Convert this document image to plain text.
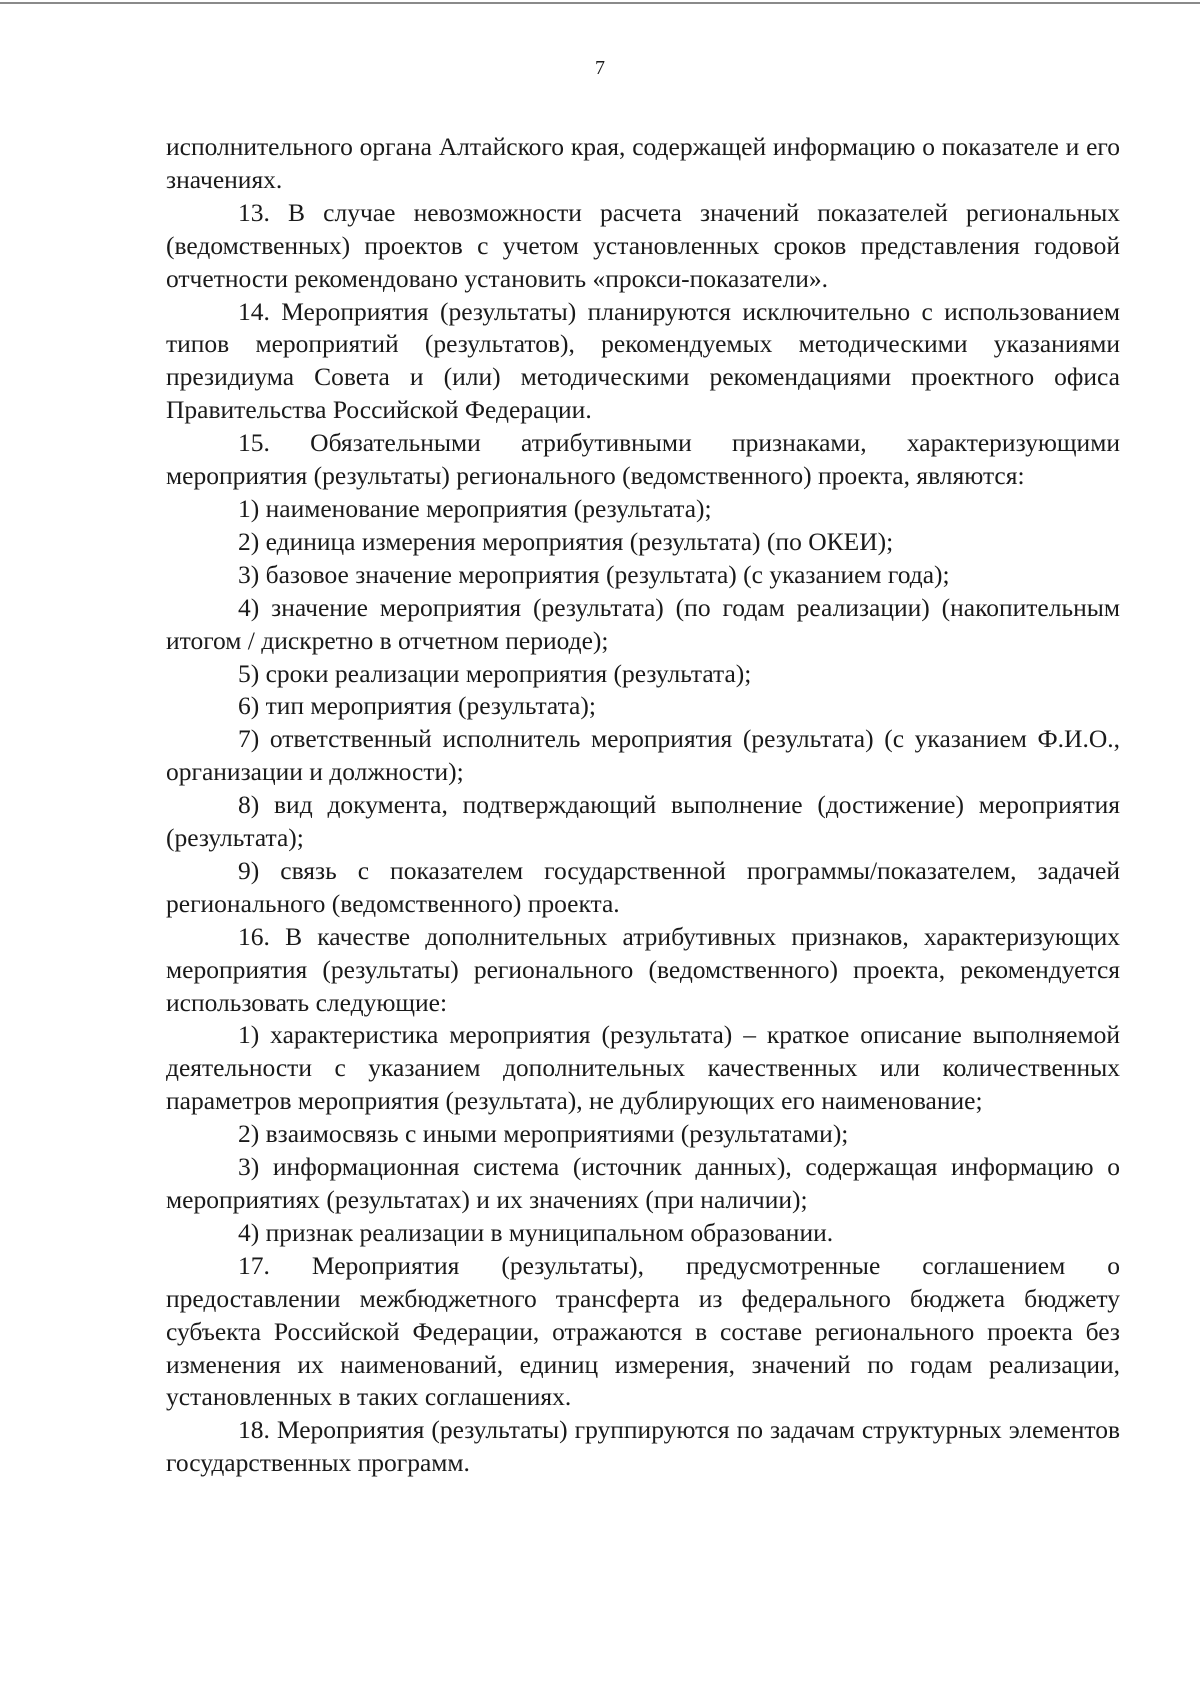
7

исполнительного органа Алтайского края, содержащей информацию о показателе и его значениях.

13. В случае невозможности расчета значений показателей региональных (ведомственных) проектов с учетом установленных сроков представления годовой отчетности рекомендовано установить «прокси-показатели».

14. Мероприятия (результаты) планируются исключительно с использованием типов мероприятий (результатов), рекомендуемых методическими указаниями президиума Совета и (или) методическими рекомендациями проектного офиса Правительства Российской Федерации.

15. Обязательными атрибутивными признаками, характеризующими мероприятия (результаты) регионального (ведомственного) проекта, являются:

1) наименование мероприятия (результата);

2) единица измерения мероприятия (результата) (по ОКЕИ);

3) базовое значение мероприятия (результата) (с указанием года);

4) значение мероприятия (результата) (по годам реализации) (накопительным итогом / дискретно в отчетном периоде);

5) сроки реализации мероприятия (результата);

6) тип мероприятия (результата);

7) ответственный исполнитель мероприятия (результата) (с указанием Ф.И.О., организации и должности);

8) вид документа, подтверждающий выполнение (достижение) мероприятия (результата);

9) связь с показателем государственной программы/показателем, задачей регионального (ведомственного) проекта.

16. В качестве дополнительных атрибутивных признаков, характеризующих мероприятия (результаты) регионального (ведомственного) проекта, рекомендуется использовать следующие:

1) характеристика мероприятия (результата) – краткое описание выполняемой деятельности с указанием дополнительных качественных или количественных параметров мероприятия (результата), не дублирующих его наименование;

2) взаимосвязь с иными мероприятиями (результатами);

3) информационная система (источник данных), содержащая информацию о мероприятиях (результатах) и их значениях (при наличии);

4) признак реализации в муниципальном образовании.

17. Мероприятия (результаты), предусмотренные соглашением о предоставлении межбюджетного трансферта из федерального бюджета бюджету субъекта Российской Федерации, отражаются в составе регионального проекта без изменения их наименований, единиц измерения, значений по годам реализации, установленных в таких соглашениях.

18. Мероприятия (результаты) группируются по задачам структурных элементов государственных программ.
